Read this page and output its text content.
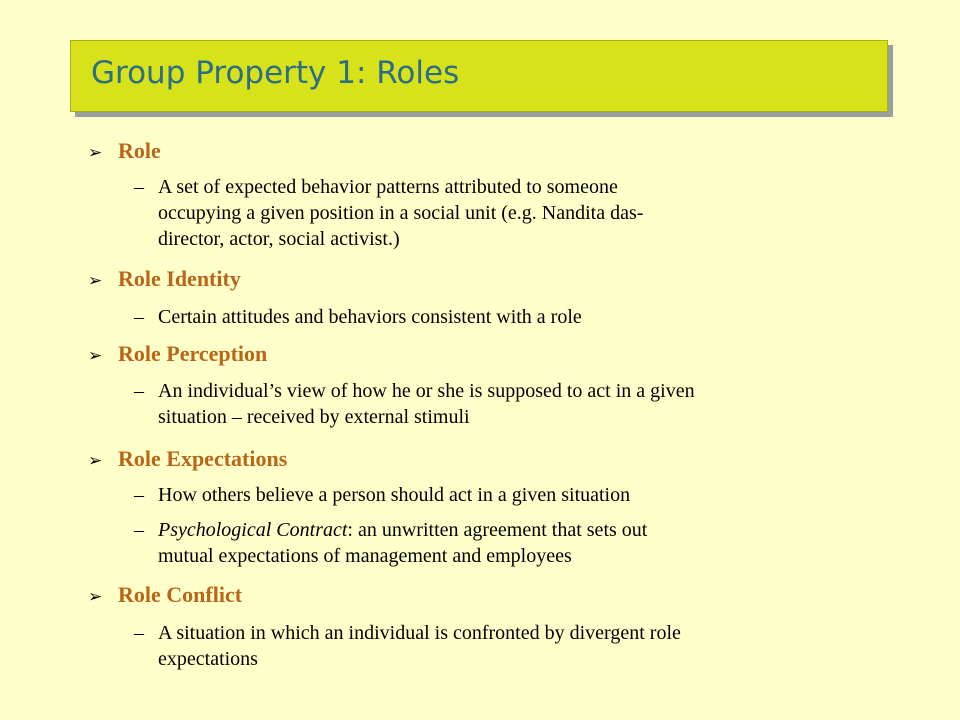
Group Property 1: Roles
➢ Role
– A set of expected behavior patterns attributed to someone
occupying a given position in a social unit (e.g. Nandita das-
director, actor, social activist.)
➢ Role Identity
– Certain attitudes and behaviors consistent with a role
➢ Role Perception
– An individual’s view of how he or she is supposed to act in a given
situation – received by external stimuli
➢ Role Expectations
– How others believe a person should act in a given situation
– Psychological Contract: an unwritten agreement that sets out
mutual expectations of management and employees
➢ Role Conflict
– A situation in which an individual is confronted by divergent role
expectations
